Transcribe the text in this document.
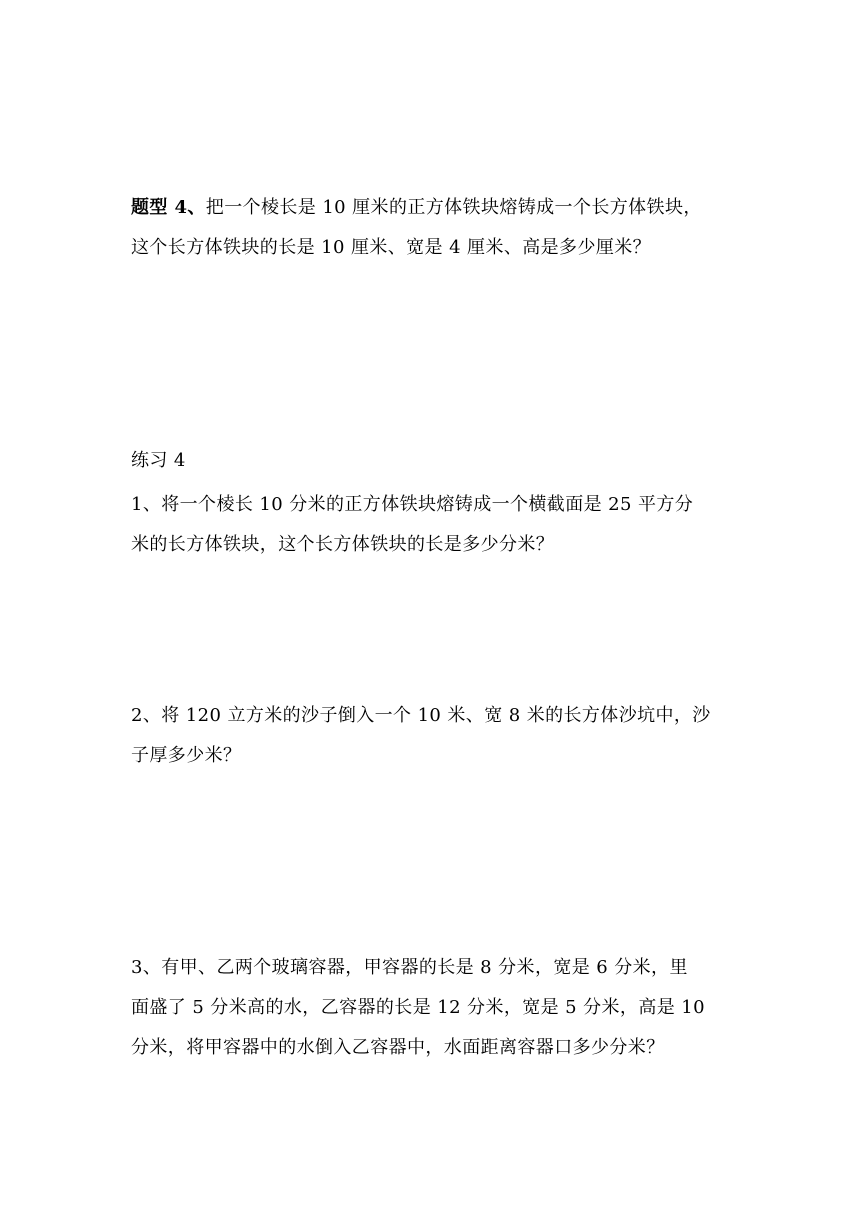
题型 4、把一个棱长是 10 厘米的正方体铁块熔铸成一个长方体铁块，

这个长方体铁块的长是 10 厘米、宽是 4 厘米、高是多少厘米？

练习 4

1、将一个棱长 10 分米的正方体铁块熔铸成一个横截面是 25 平方分

米的长方体铁块，这个长方体铁块的长是多少分米？

2、将 120 立方米的沙子倒入一个 10 米、宽 8 米的长方体沙坑中，沙

子厚多少米？

3、有甲、乙两个玻璃容器，甲容器的长是 8 分米，宽是 6 分米，里

面盛了 5 分米高的水，乙容器的长是 12 分米，宽是 5 分米，高是 10

分米，将甲容器中的水倒入乙容器中，水面距离容器口多少分米？
